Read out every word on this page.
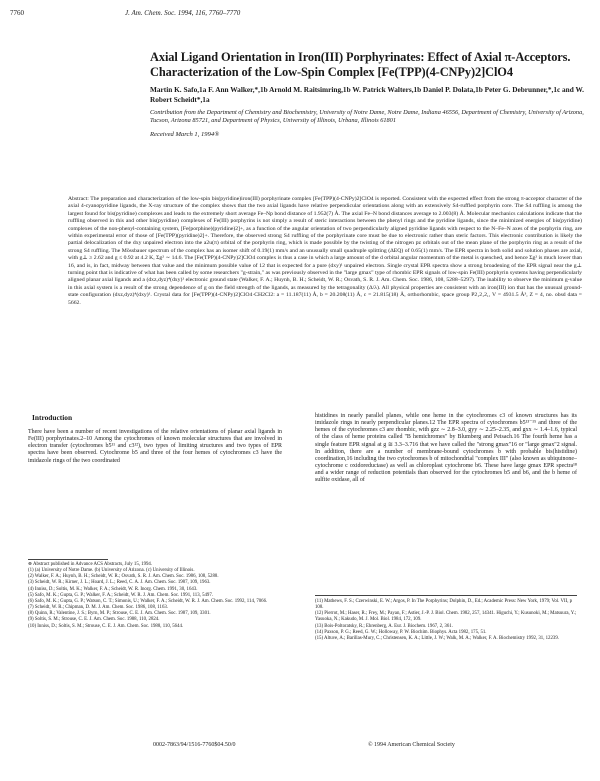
7760	J. Am. Chem. Soc. 1994, 116, 7760–7770
Axial Ligand Orientation in Iron(III) Porphyrinates: Effect of Axial π-Acceptors. Characterization of the Low-Spin Complex [Fe(TPP)(4-CNPy)2]ClO4

Martin K. Safo,1a F. Ann Walker,*,1b Arnold M. Raitsimring,1b W. Patrick Walters,1b Daniel P. Dolata,1b Peter G. Debrunner,*,1c and W. Robert Scheidt*,1a

Contribution from the Department of Chemistry and Biochemistry, University of Notre Dame, Notre Dame, Indiana 46556, Department of Chemistry, University of Arizona, Tucson, Arizona 85721, and Department of Physics, University of Illinois, Urbana, Illinois 61801

Received March 1, 1994®

Abstract: The preparation and characterization of the low-spin bis(pyridine)iron(III) porphyrinate complex [Fe(TPP)(4-CNPy)2]ClO4 is reported. Consistent with the expected effect from the strong π-acceptor character of the axial 4-cyanopyridine ligands, the X-ray structure of the complex shows that the two axial ligands have relative perpendicular orientations along with an extensively S4-ruffled porphyrin core. The S4 ruffling is among the largest found for bis(pyridine) complexes and leads to the extremely short average Fe–Np bond distance of 1.952(7) Å. The axial Fe–N bond distances average to 2.003(8) Å. Molecular mechanics calculations indicate that the ruffling observed in this and other bis(pyridine) complexes of Fe(III) porphyrins is not simply a result of steric interactions between the phenyl rings and the pyridine ligands, since the minimized energies of bis(pyridine) complexes of the non-phenyl-containing system, [Fe(porphine)(pyridine)2]+, as a function of the angular orientation of two perpendicularly aligned pyridine ligands with respect to the N–Fe–N axes of the porphyrin ring, are within experimental error of those of [Fe(TPP)(pyridine)2]+. Therefore, the observed strong S4 ruffling of the porphyrinate core must be due to electronic rather than steric factors. This electronic contribution is likely the partial delocalization of the dxy unpaired electron into the a2u(π) orbital of the porphyrin ring, which is made possible by the twisting of the nitrogen pz orbitals out of the mean plane of the porphyrin ring as a result of the strong S4 ruffling. The Mössbauer spectrum of the complex has an isomer shift of 0.19(1) mm/s and an unusually small quadruple splitting (ΔEQ) of 0.65(1) mm/s. The EPR spectra in both solid and solution phases are axial, with g⊥ ≥ 2.62 and g ≤ 0.92 at 4.2 K, Σg² ∼ 14.6. The [Fe(TPP)(4-CNPy)2]ClO4 complex is thus a case in which a large amount of the d orbital angular momentum of the metal is quenched, and hence Σg² is much lower than 16, and is, in fact, midway between that value and the minimum possible value of 12 that is expected for a pure (dxy)¹ unpaired electron. Single crystal EPR spectra show a strong broadening of the EPR signal near the g⊥ turning point that is indicative of what has been called by some researchers "g-strain," as was previously observed in the "large gmax" type of rhombic EPR signals of low-spin Fe(III) porphyrin systems having perpendicularly aligned planar axial ligands and a (dxz,dyz)⁴(dxy)¹ electronic ground state (Walker, F. A.; Huynh, B. H.; Scheidt, W. R.; Osvath, S. R. J. Am. Chem. Soc. 1986, 108, 5288–5297). The inability to observe the minimum g-value in this axial system is a result of the strong dependence of g on the field strength of the ligands, as measured by the tetragonality (Δ/λ). All physical properties are consistent with an iron(III) ion that has the unusual ground-state configuration (dxz,dyz)⁴(dxy)¹. Crystal data for [Fe(TPP)(4-CNPy)2]ClO4·CH2Cl2: a = 11.187(11) Å, b = 20.208(11) Å, c = 21.815(18) Å, orthorhombic, space group P2₁2₁2₁, V = 4931.5 Å³, Z = 4, no. obsd data = 5662.

Introduction

There have been a number of recent investigations of the relative orientations of planar axial ligands in Fe(III) porphyrinates.2–10 Among the cytochromes of known molecular structures that are involved in electron transfer (cytochromes b5¹¹ and c3¹²), two types of limiting structures and two types of EPR spectra have been observed. Cytochrome b5 and three of the four hemes of cytochromes c3 have the imidazole rings of the two coordinated

histidines in nearly parallel planes, while one heme in the cytochromes c3 of known structures has its imidazole rings in nearly perpendicular planes.12 The EPR spectra of cytochromes b5¹³⁻¹⁵ and three of the hemes of the cytochromes c3 are rhombic, with gzz ∼ 2.8–3.0, gyy ∼ 2.25–2.35, and gxx ∼ 1.4–1.6, typical of the class of heme proteins called "B hemichromes" by Blumberg and Peisach.16 The fourth heme has a single feature EPR signal at g ≅ 3.3–3.716 that we have called the "strong gmax"16 or "large gmax"2 signal. In addition, there are a number of membrane-bound cytochromes b with probable bis(histidine) coordination,16 including the two cytochromes b of mitochondrial "complex III" (also known as ubiquinone–cytochrome c oxidoreductase) as well as chloroplast cytochrome b6. These have large gmax EPR spectra¹⁸ and a wider range of reduction potentials than observed for the cytochromes b5 and b6, and the b heme of sulfite oxidase, all of

⊗ Abstract published in Advance ACS Abstracts, July 15, 1994.
(1) (a) University of Notre Dame. (b) University of Arizona. (c) University of Illinois.
(2) Walker, F. A.; Huynh, B. H.; Scheidt, W. R.; Osvath, S. R. J. Am. Chem. Soc. 1986, 108, 5288.
(3) Scheidt, W. R.; Kirner, J. L.; Hoard, J. L.; Reed, C. A. J. Am. Chem. Soc. 1987, 109, 1963.
(4) Inniss, D.; Soltis, M. K.; Walker, F. A.; Scheidt, W. R. Inorg. Chem. 1991, 30, 1643.
(5) Safo, M. K.; Gupta, G. P.; Walker, F. A.; Scheidt, W. R. J. Am. Chem. Soc. 1991, 113, 5497.
(6) Safo, M. K.; Gupta, G. P.; Watson, C. T.; Simonis, U.; Walker, F. A.; Scheidt, W. R. J. Am. Chem. Soc. 1992, 114, 7066.
(7) Scheidt, W. R.; Chipman, D. M. J. Am. Chem. Soc. 1986, 108, 1163.
(8) Quinn, R.; Valentine, J. S.; Byrn, M. P.; Strouse, C. E. J. Am. Chem. Soc. 1987, 109, 3301.
(9) Soltis, S. M.; Strouse, C. E. J. Am. Chem. Soc. 1988, 110, 2824.
(10) Inniss, D.; Soltis, S. M.; Strouse, C. E. J. Am. Chem. Soc. 1988, 110, 5644.
(11) Mathews, F. S.; Czerwinski, E. W.; Argos, P. In The Porphyrins; Dolphin, D., Ed.; Academic Press: New York, 1979; Vol. VII, p 108.
(12) Pierrot, M.; Haser, R.; Frey, M.; Payan, F.; Astier, J.-P. J. Biol. Chem. 1982, 257, 14341. Higuchi, Y.; Kusunoki, M.; Matsuura, Y.; Yasuoka, N.; Kakudo, M. J. Mol. Biol. 1984, 172, 109.
(13) Bois-Poltoratsky, R.; Ehrenberg, A. Eur. J. Biochem. 1967, 2, 361.
(14) Paxson, P. G.; Reed, G. W.; Holloway, P. W. Biochim. Biophys. Acta 1982, 175, 51.
(15) Altuve, A.; Barillas-Mury, C.; Christensen, K. A.; Little, J. W.; Walk, M. A.; Walker, F. A. Biochemistry 1992, 31, 12239.
0002-7863/94/1516-7760$04.50/0	© 1994 American Chemical Society
